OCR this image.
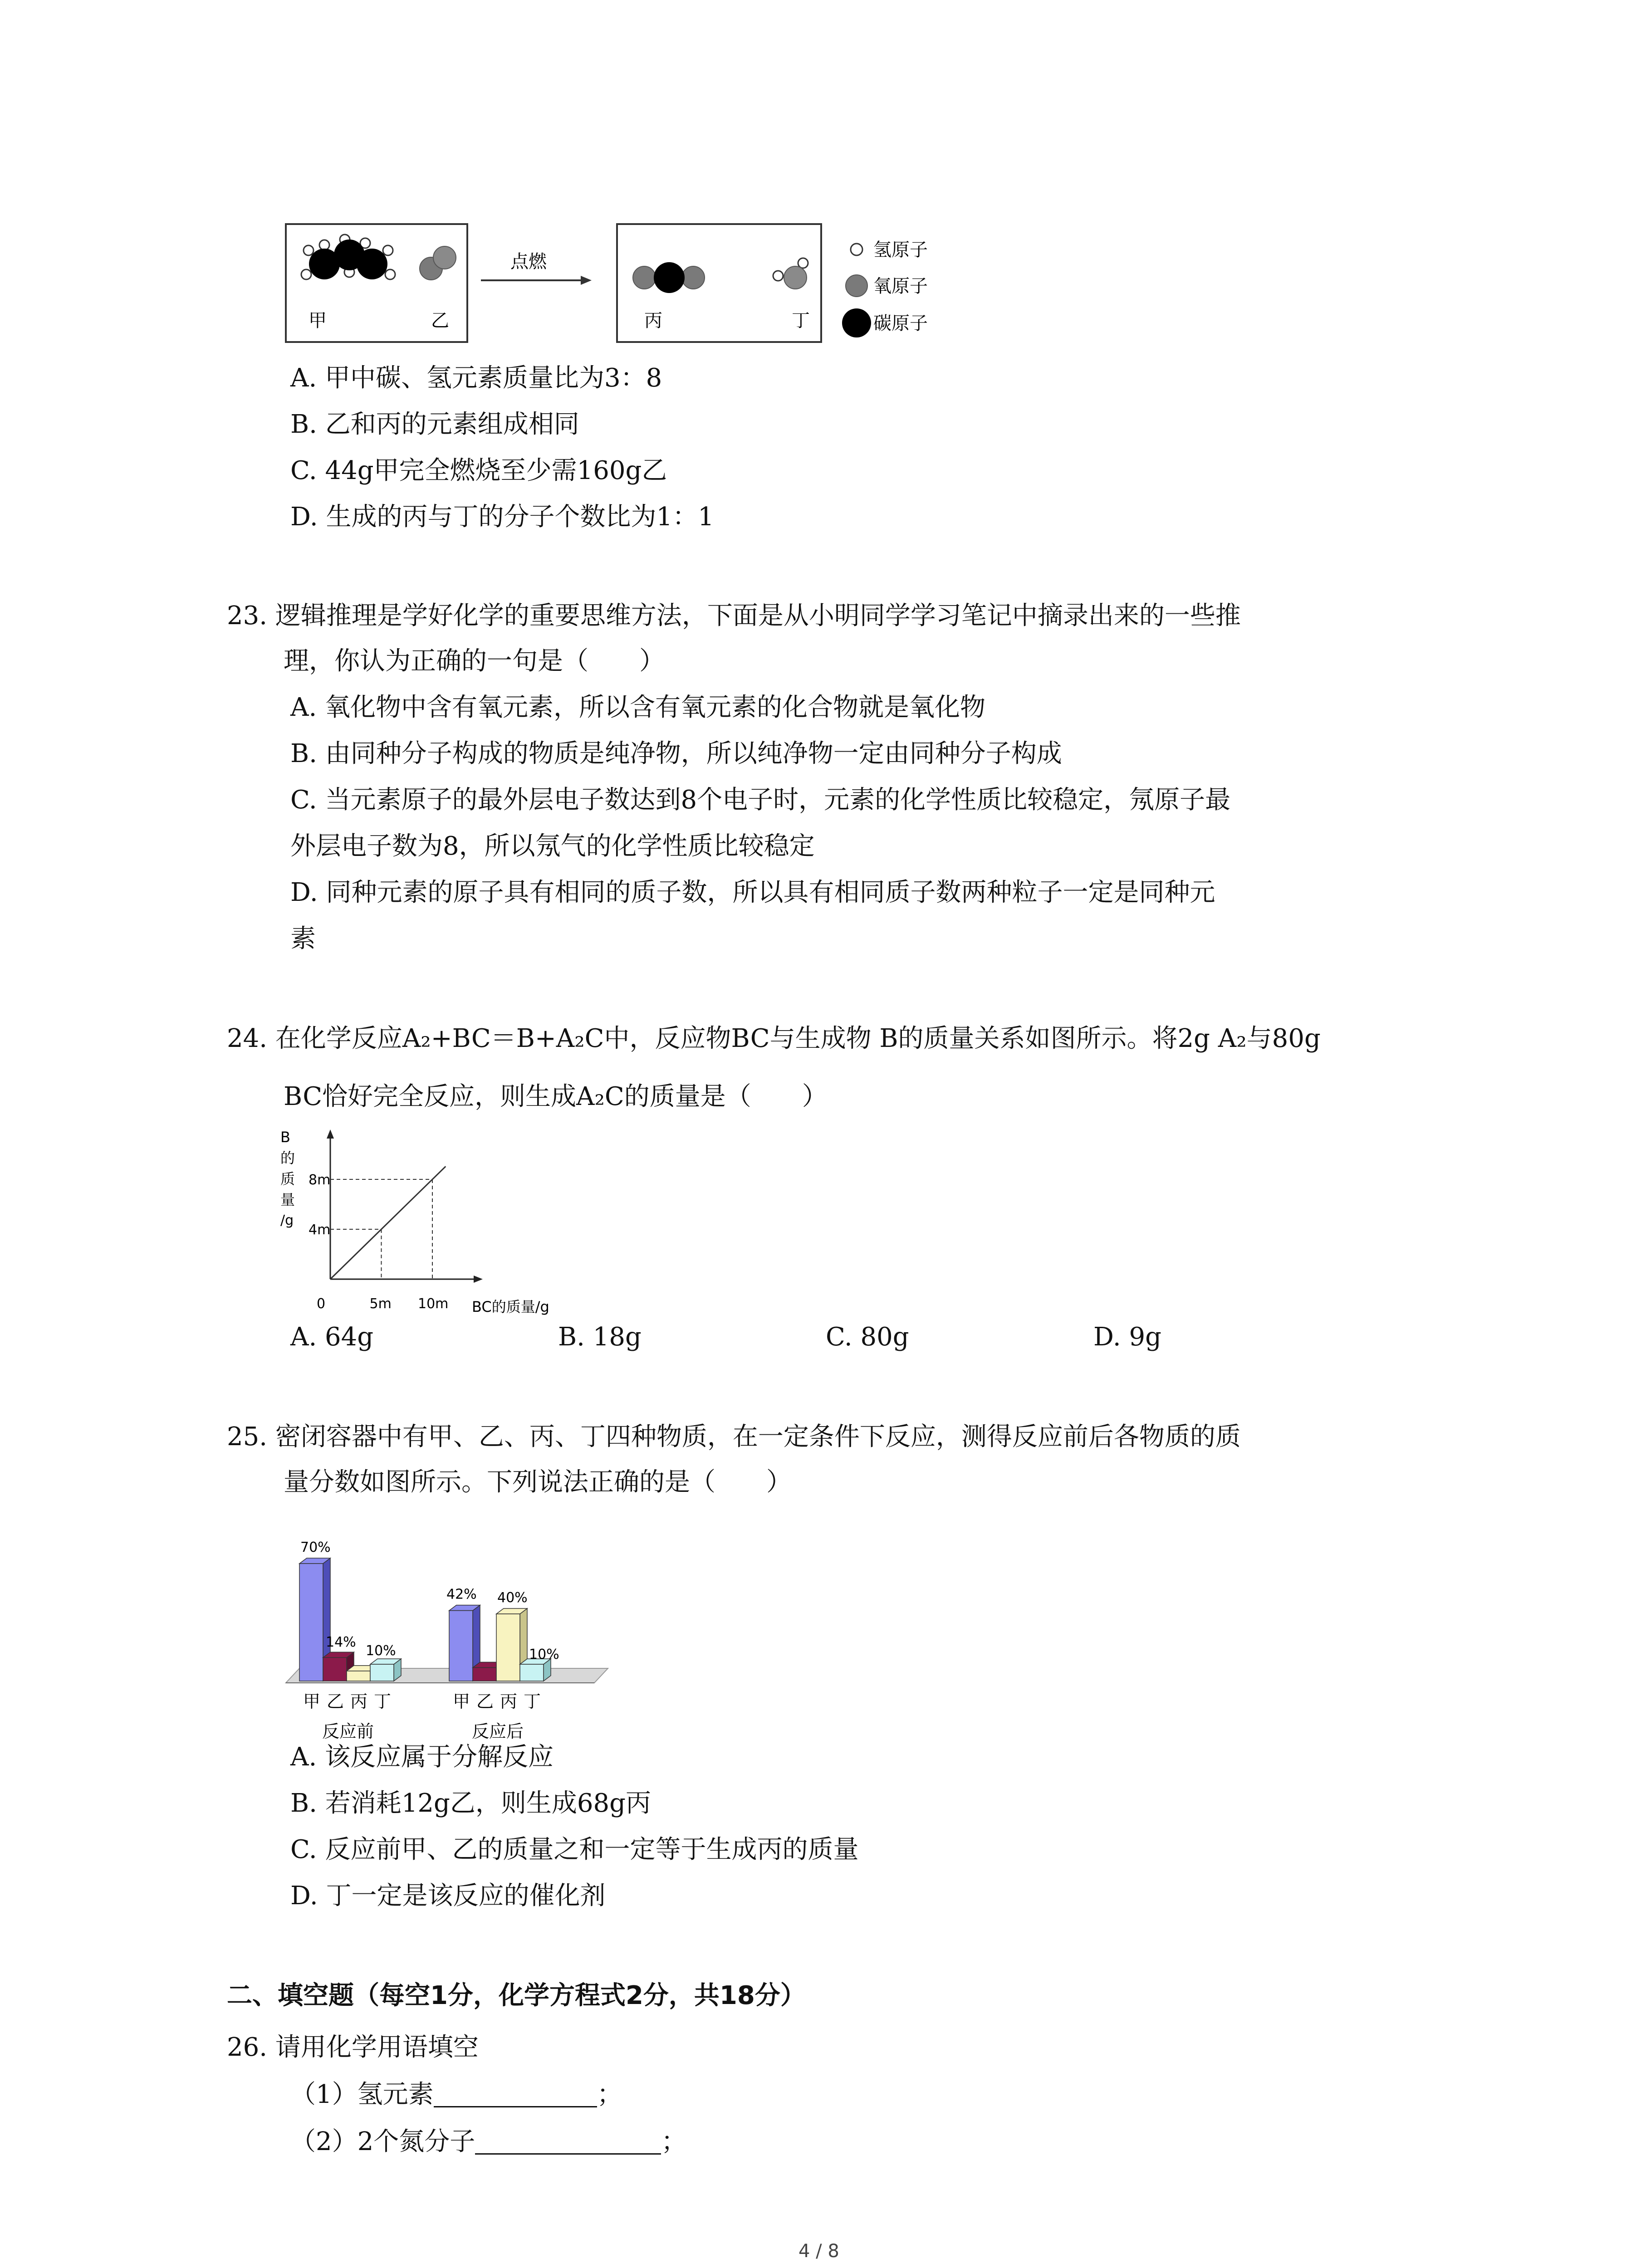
甲	乙
点燃
丙	丁
氢原子
氧原子
碳原子
A. 甲中碳、氢元素质量比为3：8
B. 乙和丙的元素组成相同
C. 44g甲完全燃烧至少需160g乙
D. 生成的丙与丁的分子个数比为1：1
23. 逻辑推理是学好化学的重要思维方法，下面是从小明同学学习笔记中摘录出来的一些推
理，你认为正确的一句是（　　）
A. 氧化物中含有氧元素，所以含有氧元素的化合物就是氧化物
B. 由同种分子构成的物质是纯净物，所以纯净物一定由同种分子构成
C. 当元素原子的最外层电子数达到8个电子时，元素的化学性质比较稳定，氖原子最
外层电子数为8，所以氖气的化学性质比较稳定
D. 同种元素的原子具有相同的质子数，所以具有相同质子数两种粒子一定是同种元
素
24. 在化学反应A₂+BC＝B+A₂C中，反应物BC与生成物 B的质量关系如图所示。将2g A₂与80g
BC恰好完全反应，则生成A₂C的质量是（　　）
B
的
质
量
/g
8m
4m
0	5m 10m BC的质量/g
A. 64g	B. 18g	C. 80g	D. 9g
25. 密闭容器中有甲、乙、丙、丁四种物质，在一定条件下反应，测得反应前后各物质的质
量分数如图所示。下列说法正确的是（　　）
甲 乙 丙 丁
反应前
甲 乙 丙 丁
反应后
70%
14%
10%
42% 40%
10%
A. 该反应属于分解反应
B. 若消耗12g乙，则生成68g丙
C. 反应前甲、乙的质量之和一定等于生成丙的质量
D. 丁一定是该反应的催化剂
二、填空题（每空1分，化学方程式2分，共18分）
26. 请用化学用语填空
（1）氢元素	；
（2）2个氮分子	；
4 / 8
